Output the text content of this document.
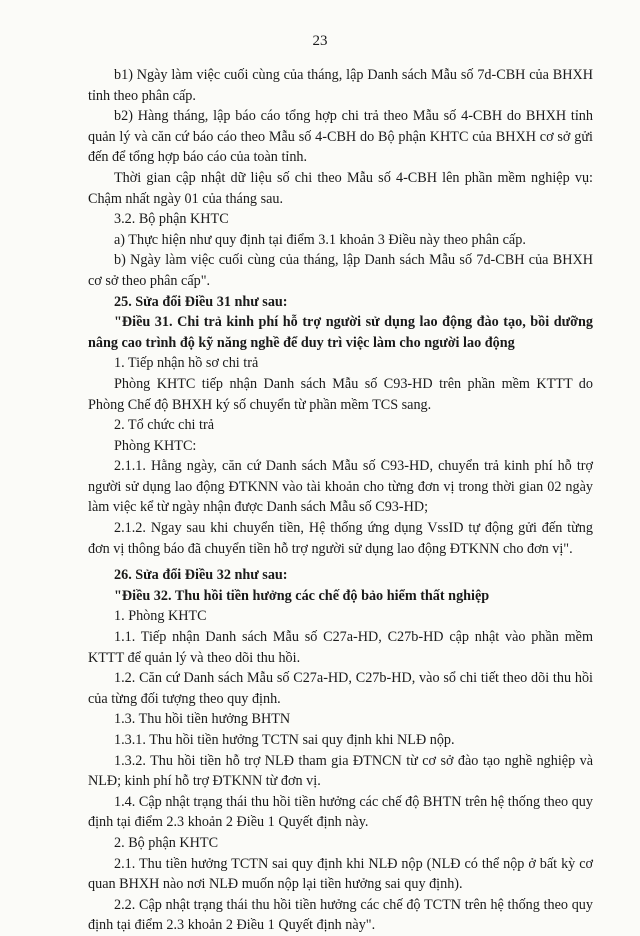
23

b1) Ngày làm việc cuối cùng của tháng, lập Danh sách Mẫu số 7d-CBH của BHXH tỉnh theo phân cấp.

b2) Hàng tháng, lập báo cáo tổng hợp chi trả theo Mẫu số 4-CBH do BHXH tỉnh quản lý và căn cứ báo cáo theo Mẫu số 4-CBH do Bộ phận KHTC của BHXH cơ sở gửi đến để tổng hợp báo cáo của toàn tỉnh.

Thời gian cập nhật dữ liệu số chi theo Mẫu số 4-CBH lên phần mềm nghiệp vụ: Chậm nhất ngày 01 của tháng sau.

3.2. Bộ phận KHTC

a) Thực hiện như quy định tại điểm 3.1 khoản 3 Điều này theo phân cấp.

b) Ngày làm việc cuối cùng của tháng, lập Danh sách Mẫu số 7d-CBH của BHXH cơ sở theo phân cấp".

25. Sửa đổi Điều 31 như sau:

"Điều 31. Chi trả kinh phí hỗ trợ người sử dụng lao động đào tạo, bồi dưỡng nâng cao trình độ kỹ năng nghề để duy trì việc làm cho người lao động

1. Tiếp nhận hồ sơ chi trả

Phòng KHTC tiếp nhận Danh sách Mẫu số C93-HD trên phần mềm KTTT do Phòng Chế độ BHXH ký số chuyển từ phần mềm TCS sang.

2. Tổ chức chi trả

Phòng KHTC:

2.1.1. Hằng ngày, căn cứ Danh sách Mẫu số C93-HD, chuyển trả kinh phí hỗ trợ người sử dụng lao động ĐTKNN vào tài khoản cho từng đơn vị trong thời gian 02 ngày làm việc kể từ ngày nhận được Danh sách Mẫu số C93-HD;

2.1.2. Ngay sau khi chuyển tiền, Hệ thống ứng dụng VssID tự động gửi đến từng đơn vị thông báo đã chuyển tiền hỗ trợ người sử dụng lao động ĐTKNN cho đơn vị".

26. Sửa đổi Điều 32 như sau:

"Điều 32. Thu hồi tiền hưởng các chế độ bảo hiểm thất nghiệp

1. Phòng KHTC

1.1. Tiếp nhận Danh sách Mẫu số C27a-HD, C27b-HD cập nhật vào phần mềm KTTT để quản lý và theo dõi thu hồi.

1.2. Căn cứ Danh sách Mẫu số C27a-HD, C27b-HD, vào sổ chi tiết theo dõi thu hồi của từng đối tượng theo quy định.

1.3. Thu hồi tiền hưởng BHTN

1.3.1. Thu hồi tiền hưởng TCTN sai quy định khi NLĐ nộp.

1.3.2. Thu hồi tiền hỗ trợ NLĐ tham gia ĐTNCN từ cơ sở đào tạo nghề nghiệp và NLĐ; kinh phí hỗ trợ ĐTKNN từ đơn vị.

1.4. Cập nhật trạng thái thu hồi tiền hưởng các chế độ BHTN trên hệ thống theo quy định tại điểm 2.3 khoản 2 Điều 1 Quyết định này.

2. Bộ phận KHTC

2.1. Thu tiền hưởng TCTN sai quy định khi NLĐ nộp (NLĐ có thể nộp ở bất kỳ cơ quan BHXH nào nơi NLĐ muốn nộp lại tiền hưởng sai quy định).

2.2. Cập nhật trạng thái thu hồi tiền hưởng các chế độ TCTN trên hệ thống theo quy định tại điểm 2.3 khoản 2 Điều 1 Quyết định này".
